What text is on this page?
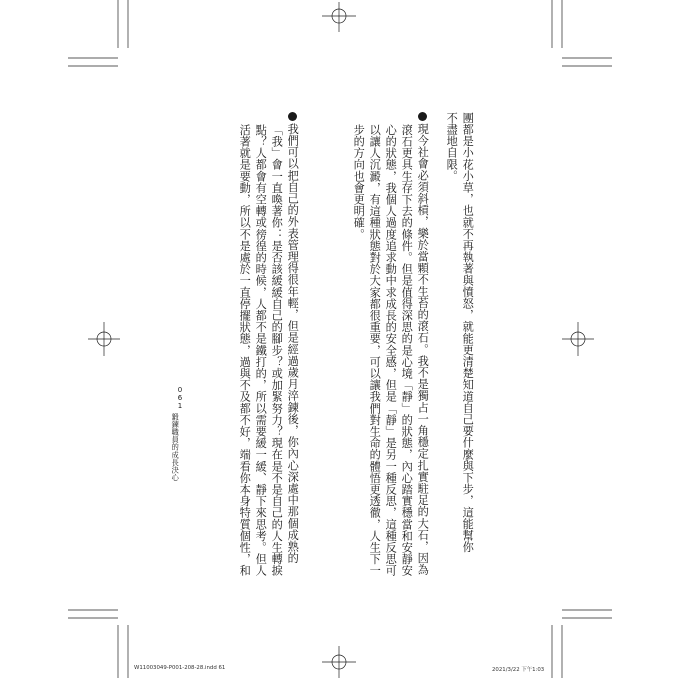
團都是小花小草，也就不再執著與憤怒，就能更清楚知道自己要什麼與下步，這能幫你
不盡地自限。
現今社會必須斜槓，樂於當顆不生苔的滾石。我不是獨占一角穩定扎實駐足的大石，因為
滾石更具生存下去的條件。但是值得深思的是心境「靜」的狀態，內心踏實穩當和安靜安
心的狀態，我個人過度追求動中求成長的安全感，但是「靜」是另一種反思，這種反思可
以讓人沉澱，有這種狀態對於大家都很重要，可以讓我們對生命的體悟更透徹，人生下一
步的方向也會更明確。
我們可以把自己的外表管理得很年輕，但是經過歲月淬鍊後，你內心深處中那個成熟的
「我」會一直喚著你：是否該緩緩自己的腳步？或加緊努力？現在是不是自己的人生轉捩
點？人都會有空轉或徬徨的時候，人都不是鐵打的，所以需要緩一緩、靜下來思考。但人
活著就是要動，所以不是處於一直停擺狀態，過與不及都不好，端看你本身特質個性，和
061
鍛鍊職員的成長決心
W11003049-P001-208-28.indd 61	2021/3/22 下午1:03
